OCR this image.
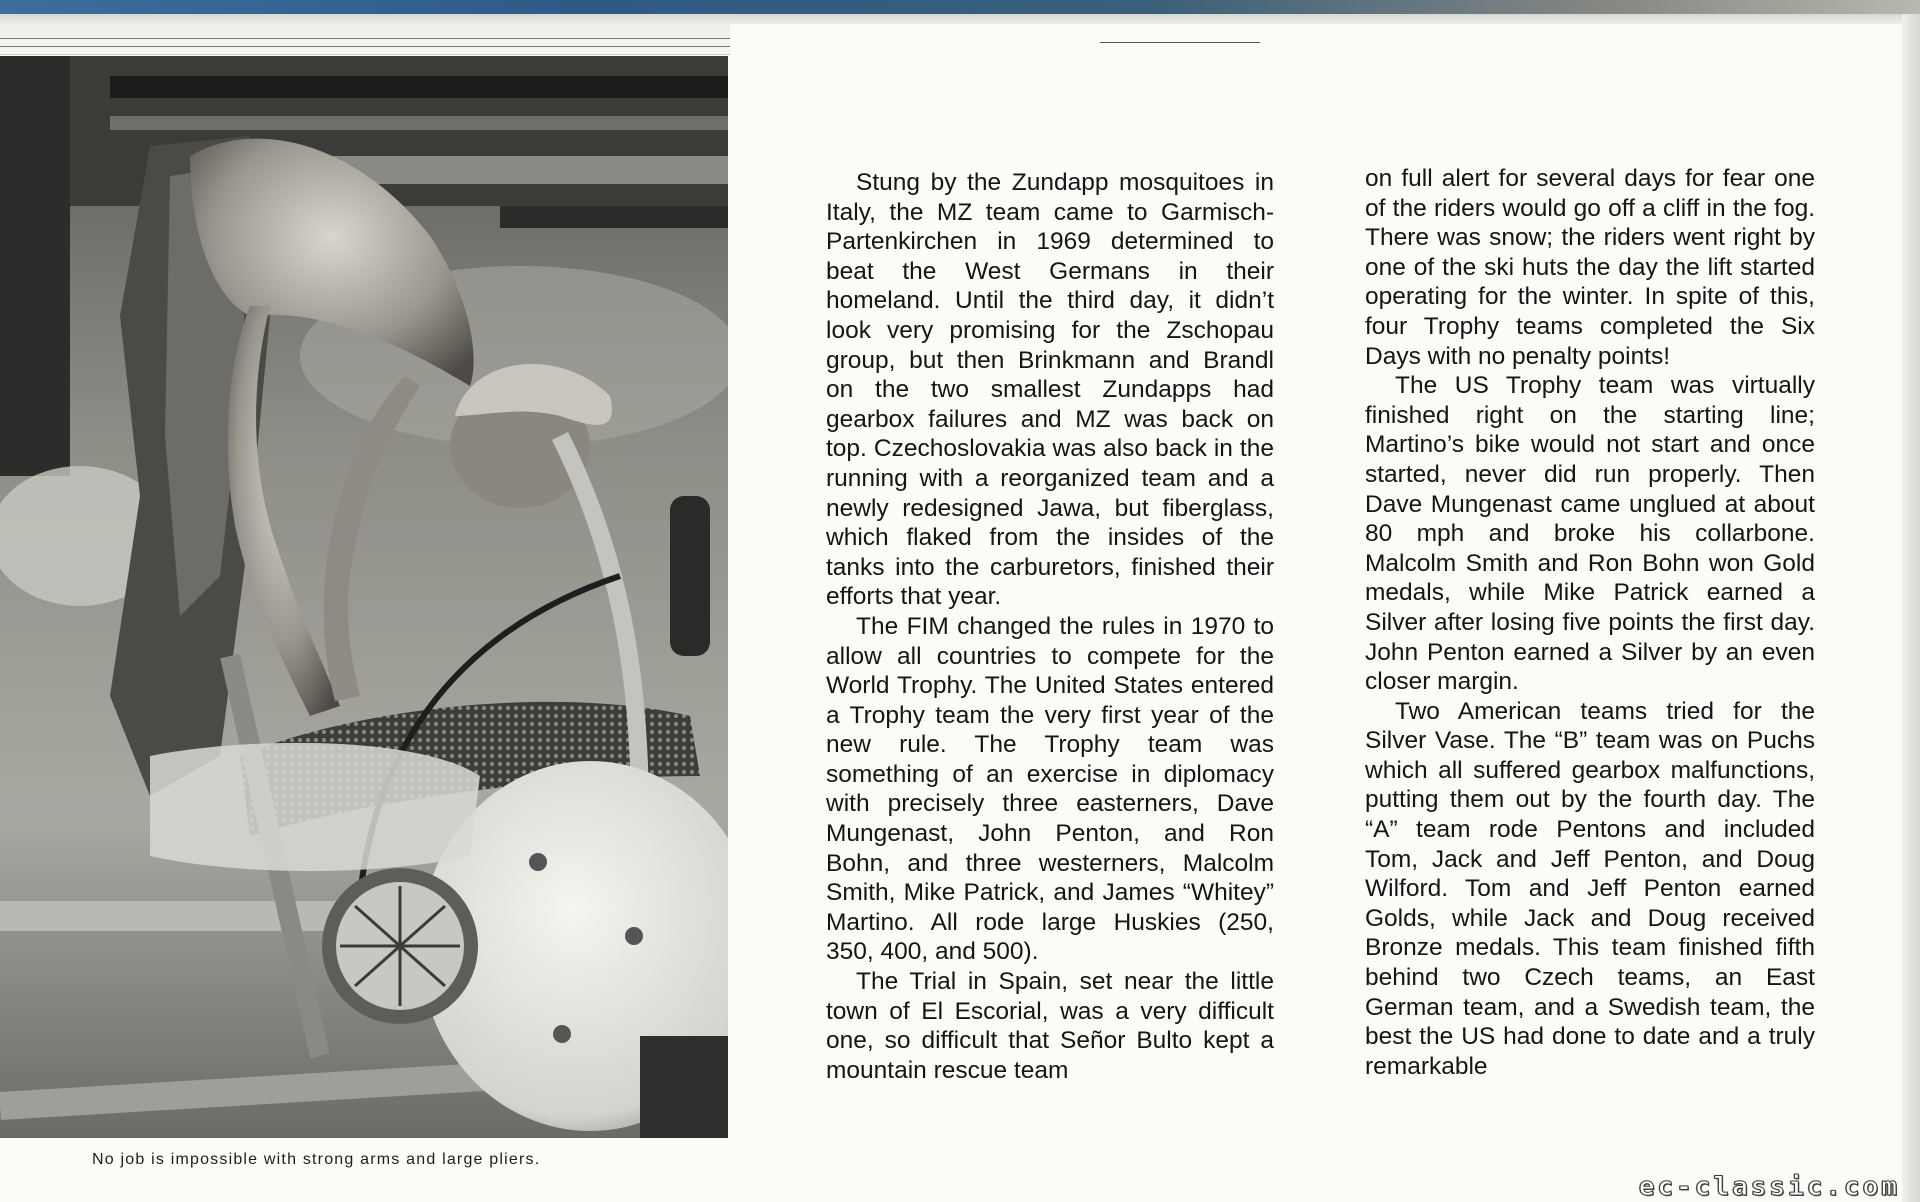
No job is impossible with strong arms and large pliers.

Stung by the Zundapp mosquitoes in Italy, the MZ team came to Garmisch-Partenkirchen in 1969 determined to beat the West Germans in their homeland. Until the third day, it didn’t look very promising for the Zschopau group, but then Brinkmann and Brandl on the two smallest Zundapps had gearbox failures and MZ was back on top. Czechoslovakia was also back in the running with a reorganized team and a newly redesigned Jawa, but fiberglass, which flaked from the insides of the tanks into the carburetors, finished their efforts that year.

The FIM changed the rules in 1970 to allow all countries to compete for the World Trophy. The United States entered a Trophy team the very first year of the new rule. The Trophy team was something of an exercise in diplomacy with precisely three easterners, Dave Mungenast, John Penton, and Ron Bohn, and three westerners, Malcolm Smith, Mike Patrick, and James “Whitey” Martino. All rode large Huskies (250, 350, 400, and 500).

The Trial in Spain, set near the little town of El Escorial, was a very difficult one, so difficult that Señor Bulto kept a mountain rescue team

on full alert for several days for fear one of the riders would go off a cliff in the fog. There was snow; the riders went right by one of the ski huts the day the lift started operating for the winter. In spite of this, four Trophy teams completed the Six Days with no penalty points!

The US Trophy team was virtually finished right on the starting line; Martino’s bike would not start and once started, never did run properly. Then Dave Mungenast came unglued at about 80 mph and broke his collarbone. Malcolm Smith and Ron Bohn won Gold medals, while Mike Patrick earned a Silver after losing five points the first day. John Penton earned a Silver by an even closer margin.

Two American teams tried for the Silver Vase. The “B” team was on Puchs which all suffered gearbox malfunctions, putting them out by the fourth day. The “A” team rode Pentons and included Tom, Jack and Jeff Penton, and Doug Wilford. Tom and Jeff Penton earned Golds, while Jack and Doug received Bronze medals. This team finished fifth behind two Czech teams, an East German team, and a Swedish team, the best the US had done to date and a truly remarkable

ec-classic.com
